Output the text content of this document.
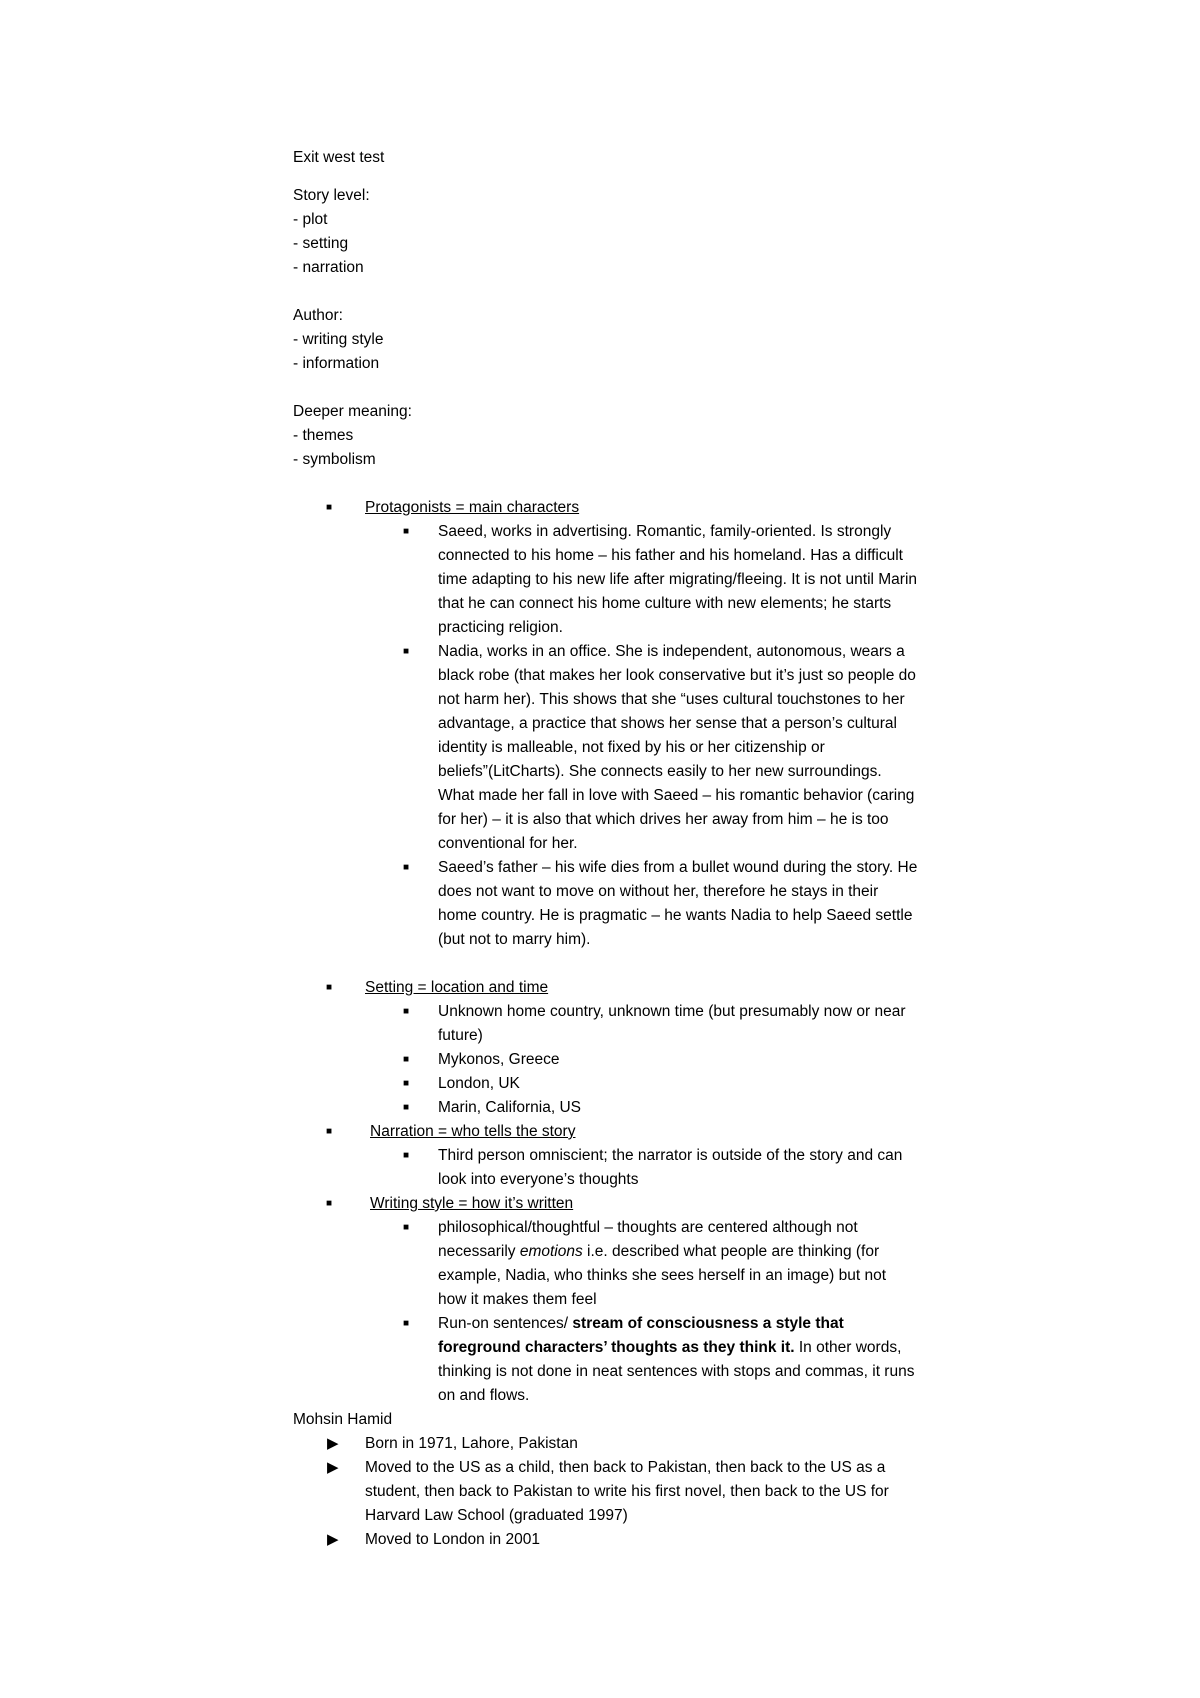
Exit west test

Story level:

- plot

- setting

- narration

Author:

- writing style

- information

Deeper meaning:

- themes

- symbolism

■ Protagonists = main characters
■ Saeed, works in advertising. Romantic, family-oriented. Is strongly connected to his home – his father and his homeland. Has a difficult time adapting to his new life after migrating/fleeing. It is not until Marin that he can connect his home culture with new elements; he starts practicing religion.
■ Nadia, works in an office. She is independent, autonomous, wears a black robe (that makes her look conservative but it’s just so people do not harm her). This shows that she “uses cultural touchstones to her advantage, a practice that shows her sense that a person’s cultural identity is malleable, not fixed by his or her citizenship or beliefs”(LitCharts). She connects easily to her new surroundings. What made her fall in love with Saeed – his romantic behavior (caring for her) – it is also that which drives her away from him – he is too conventional for her.
■ Saeed’s father – his wife dies from a bullet wound during the story. He does not want to move on without her, therefore he stays in their home country. He is pragmatic – he wants Nadia to help Saeed settle (but not to marry him).
■ Setting = location and time
■ Unknown home country, unknown time (but presumably now or near future)
■ Mykonos, Greece
■ London, UK
■ Marin, California, US
■ Narration = who tells the story
■ Third person omniscient; the narrator is outside of the story and can look into everyone’s thoughts
■ Writing style = how it’s written
■ philosophical/thoughtful – thoughts are centered although not necessarily emotions i.e. described what people are thinking (for example, Nadia, who thinks she sees herself in an image) but not how it makes them feel
■ Run-on sentences/ stream of consciousness a style that foreground characters’ thoughts as they think it. In other words, thinking is not done in neat sentences with stops and commas, it runs on and flows.

Mohsin Hamid

▶ Born in 1971, Lahore, Pakistan
▶ Moved to the US as a child, then back to Pakistan, then back to the US as a student, then back to Pakistan to write his first novel, then back to the US for Harvard Law School (graduated 1997)
▶ Moved to London in 2001
